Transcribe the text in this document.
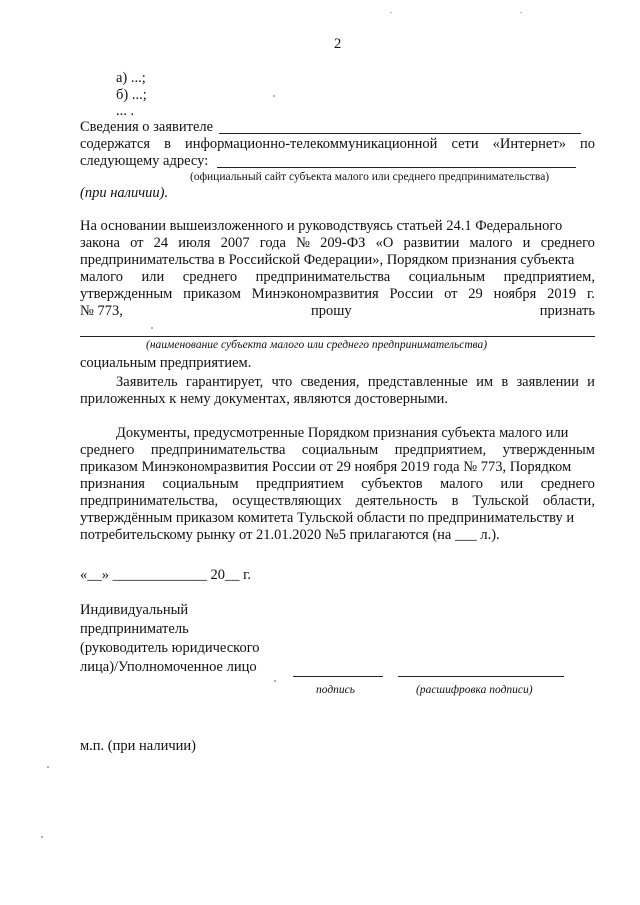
2
а) ...;
б) ...;
... .
Сведения о заявителе
содержатся в информационно-телекоммуникационной сети «Интернет» по
следующему адресу:
(официальный сайт субъекта малого или среднего предпринимательства)
(при наличии).
На основании вышеизложенного и руководствуясь статьей 24.1 Федерального
закона от 24 июля 2007 года № 209-ФЗ «О развитии малого и среднего
предпринимательства в Российской Федерации», Порядком признания субъекта
малого или среднего предпринимательства социальным предприятием,
утвержденным приказом Минэкономразвития России от 29 ноября 2019 г.
№ 773,	прошу	признать
(наименование субъекта малого или среднего предпринимательства)
социальным предприятием.
Заявитель гарантирует, что сведения, представленные им в заявлении и
приложенных к нему документах, являются достоверными.
Документы, предусмотренные Порядком признания субъекта малого или
среднего предпринимательства социальным предприятием, утвержденным
приказом Минэкономразвития России от 29 ноября 2019 года № 773, Порядком
признания социальным предприятием субъектов малого или среднего
предпринимательства, осуществляющих деятельность в Тульской области,
утверждённым приказом комитета Тульской области по предпринимательству и
потребительскому рынку от 21.01.2020 №5 прилагаются (на ___ л.).
«__» _____________ 20__ г.
Индивидуальный
предприниматель
(руководитель юридического
лица)/Уполномоченное лицо
подпись	(расшифровка подписи)
м.п. (при наличии)
